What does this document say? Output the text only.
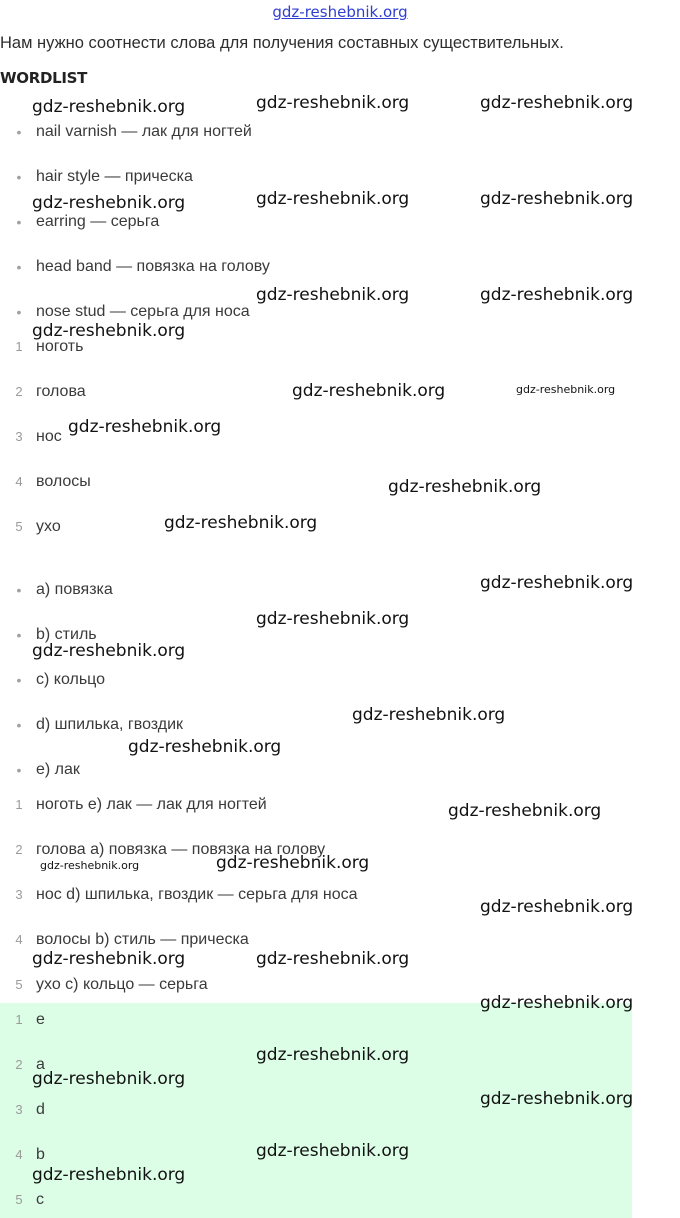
gdz-reshebnik.org
Нам нужно соотнести слова для получения составных существительных.
WORDLIST
• nail varnish — лак для ногтей
• hair style — прическа
• earring — серьга
• head band — повязка на голову
• nose stud — серьга для носа
1 ноготь
2 голова
3 нос
4 волосы
5 ухо
• a) повязка
• b) стиль
• c) кольцо
• d) шпилька, гвоздик
• e) лак
1 ноготь e) лак — лак для ногтей
2 голова a) повязка — повязка на голову
3 нос d) шпилька, гвоздик — серьга для носа
4 волосы b) стиль — прическа
5 ухо c) кольцо — серьга
1 e
2 a
3 d
4 b
5 c
gdz-reshebnik.org	gdz-reshebnik.org	gdz-reshebnik.org
gdz-reshebnik.org	gdz-reshebnik.org	gdz-reshebnik.org
gdz-reshebnik.org	gdz-reshebnik.org
gdz-reshebnik.org
gdz-reshebnik.org	gdz-reshebnik.org
gdz-reshebnik.org
gdz-reshebnik.org
gdz-reshebnik.org
gdz-reshebnik.org
gdz-reshebnik.org
gdz-reshebnik.org
gdz-reshebnik.org
gdz-reshebnik.org
gdz-reshebnik.org
gdz-reshebnik.org	gdz-reshebnik.org
gdz-reshebnik.org
gdz-reshebnik.org	gdz-reshebnik.org
gdz-reshebnik.org
gdz-reshebnik.org
gdz-reshebnik.org
gdz-reshebnik.org
gdz-reshebnik.org
gdz-reshebnik.org
